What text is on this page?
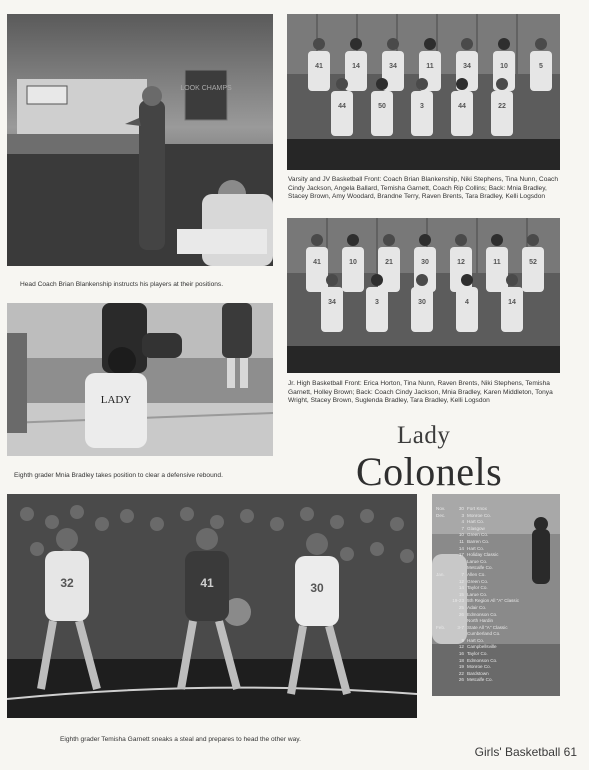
LOOK CHAMPS
Head Coach Brian Blankenship instructs his players at their positions.
41	14	34	11	34	10	5
44	50	3	44	22
Varsity and JV Basketball Front: Coach Brian Blankenship, Niki Stephens, Tina Nunn, Coach Cindy Jackson, Angela Ballard, Temisha Garnett, Coach Rip Collins; Back: Mnia Bradley, Stacey Brown, Amy Woodard, Brandne Terry, Raven Brents, Tara Bradley, Kelli Logsdon
41	10	21	30	12	11	52
34	3	30	4	14
Jr. High Basketball Front: Erica Horton, Tina Nunn, Raven Brents, Niki Stephens, Temisha Garnett, Holley Brown; Back: Coach Cindy Jackson, Mnia Bradley, Karen Middleton, Tonya Wright, Stacey Brown, Suglenda Bradley, Tara Bradley, Kelli Logsdon
LADY
Eighth grader Mnia Bradley takes position to clear a defensive rebound.
Lady
Colonels
30
41
32
Eighth grader Temisha Garnett sneaks a steal and prepares to head the other way.
Nov.	30 Fort Knox
Dec.	3 Monroe Co.
4 Hart Co.
7 Glasgow
10 Green Co.
11 Barren Co.
14 Hart Co.
17 Holiday Classic
Larue Co.
Metcalfe Co.
Jan.	7 Allen Co.
12 Green Co.
14 Taylor Co.
15 Larue Co.
19-23 5th Region All "A" Classic
25 Adair Co.
26 Edmonson Co.
North Hardin
Feb.	3-7 State All "A" Classic
Cumberland Co.
9 Hart Co.
12 Campbellsville
16 Taylor Co.
18 Edmonson Co.
19 Monroe Co.
22 Bardstown
26 Metcalfe Co.
Girls' Basketball 61
